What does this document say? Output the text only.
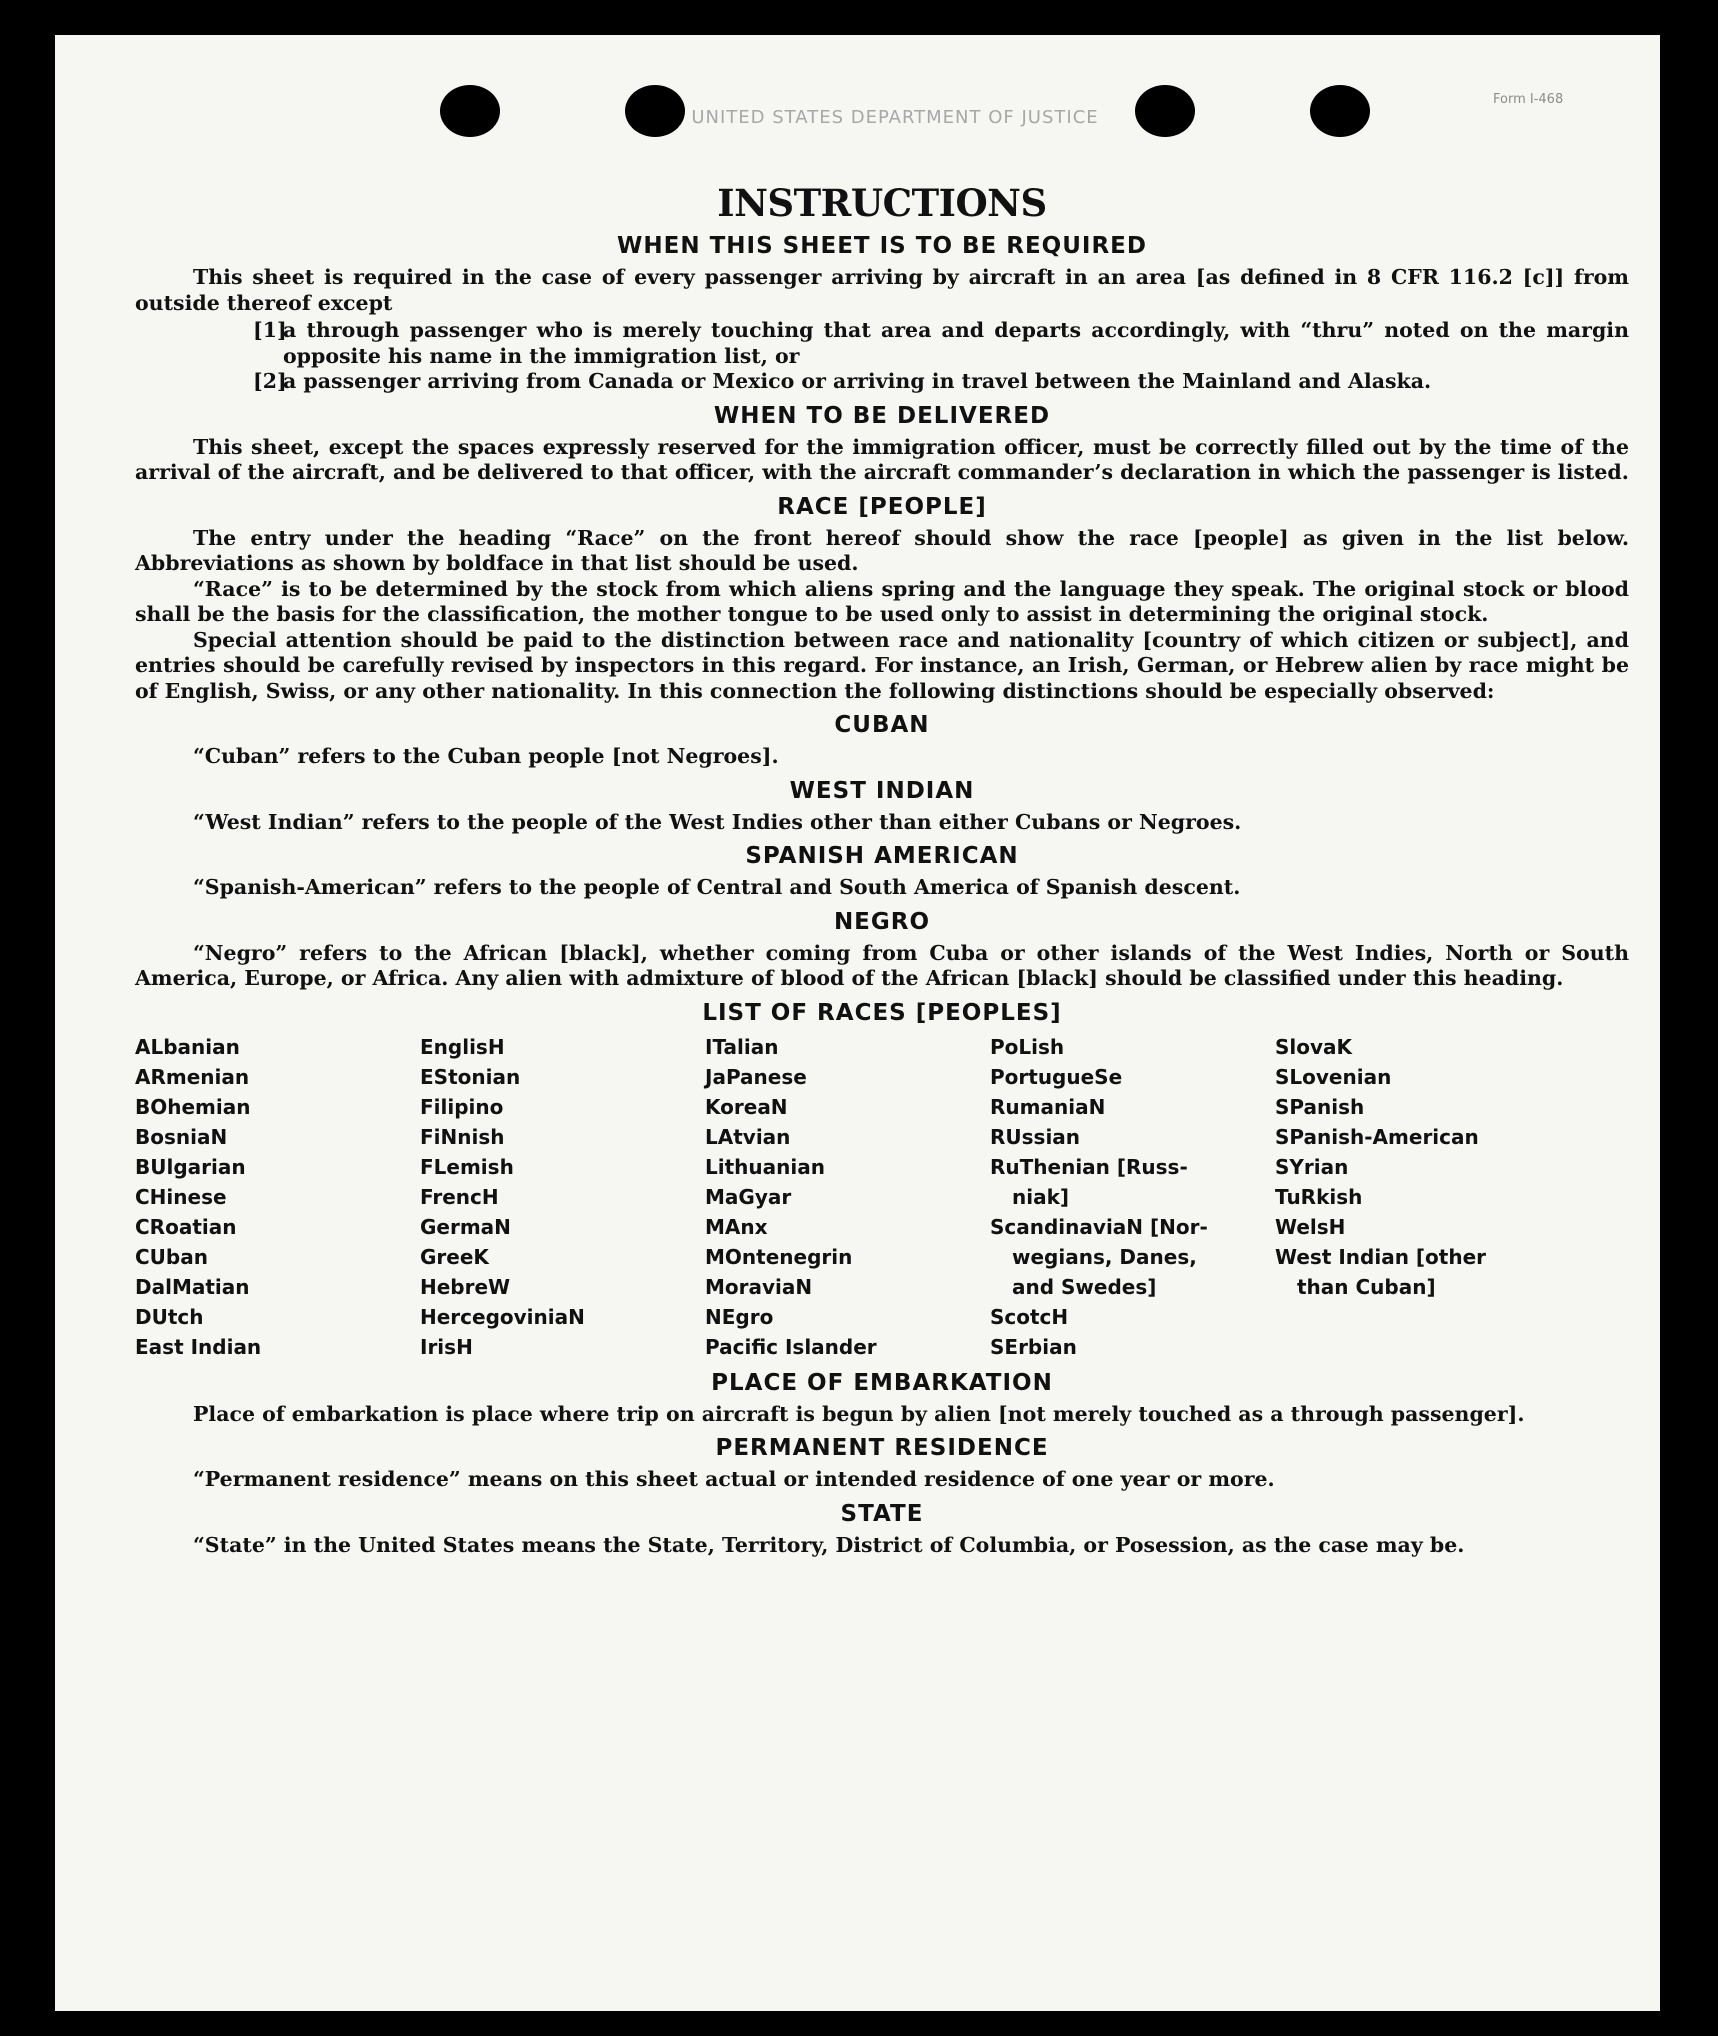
Form I-468
UNITED STATES DEPARTMENT OF JUSTICE
INSTRUCTIONS
WHEN THIS SHEET IS TO BE REQUIRED

This sheet is required in the case of every passenger arriving by aircraft in an area [as defined in 8 CFR 116.2 [c]] from outside thereof except

[1]

a through passenger who is merely touching that area and departs accordingly, with “thru” noted on the margin opposite his name in the immigration list, or

[2]

a passenger arriving from Canada or Mexico or arriving in travel between the Mainland and Alaska.

WHEN TO BE DELIVERED

This sheet, except the spaces expressly reserved for the immigration officer, must be correctly filled out by the time of the arrival of the aircraft, and be delivered to that officer, with the aircraft commander’s declaration in which the passenger is listed.

RACE [PEOPLE]

The entry under the heading “Race” on the front hereof should show the race [people] as given in the list below. Abbreviations as shown by boldface in that list should be used.

“Race” is to be determined by the stock from which aliens spring and the language they speak. The original stock or blood shall be the basis for the classification, the mother tongue to be used only to assist in determining the original stock.

Special attention should be paid to the distinction between race and nationality [country of which citizen or subject], and entries should be carefully revised by inspectors in this regard. For instance, an Irish, German, or Hebrew alien by race might be of English, Swiss, or any other nationality. In this connection the following distinctions should be especially observed:

CUBAN

“Cuban” refers to the Cuban people [not Negroes].

WEST INDIAN

“West Indian” refers to the people of the West Indies other than either Cubans or Negroes.

SPANISH AMERICAN

“Spanish-American” refers to the people of Central and South America of Spanish descent.

NEGRO

“Negro” refers to the African [black], whether coming from Cuba or other islands of the West Indies, North or South America, Europe, or Africa. Any alien with admixture of blood of the African [black] should be classified under this heading.

LIST OF RACES [PEOPLES]
ALbanian
ARmenian
BOhemian
BosniaN
BUlgarian
CHinese
CRoatian
CUban
DalMatian
DUtch
East Indian
EnglisH
EStonian
Filipino
FiNnish
FLemish
FrencH
GermaN
GreeK
HebreW
HercegoviniaN
IrisH
ITalian
JaPanese
KoreaN
LAtvian
Lithuanian
MaGyar
MAnx
MOntenegrin
MoraviaN
NEgro
Pacific Islander
PoLish
PortugueSe
RumaniaN
RUssian
RuThenian [Russ-
niak]
ScandinaviaN [Nor-
wegians, Danes,
and Swedes]
ScotcH
SErbian
SlovaK
SLovenian
SPanish
SPanish-American
SYrian
TuRkish
WelsH
West Indian [other
than Cuban]
PLACE OF EMBARKATION

Place of embarkation is place where trip on aircraft is begun by alien [not merely touched as a through passenger].

PERMANENT RESIDENCE

“Permanent residence” means on this sheet actual or intended residence of one year or more.

STATE

“State” in the United States means the State, Territory, District of Columbia, or Posession, as the case may be.
